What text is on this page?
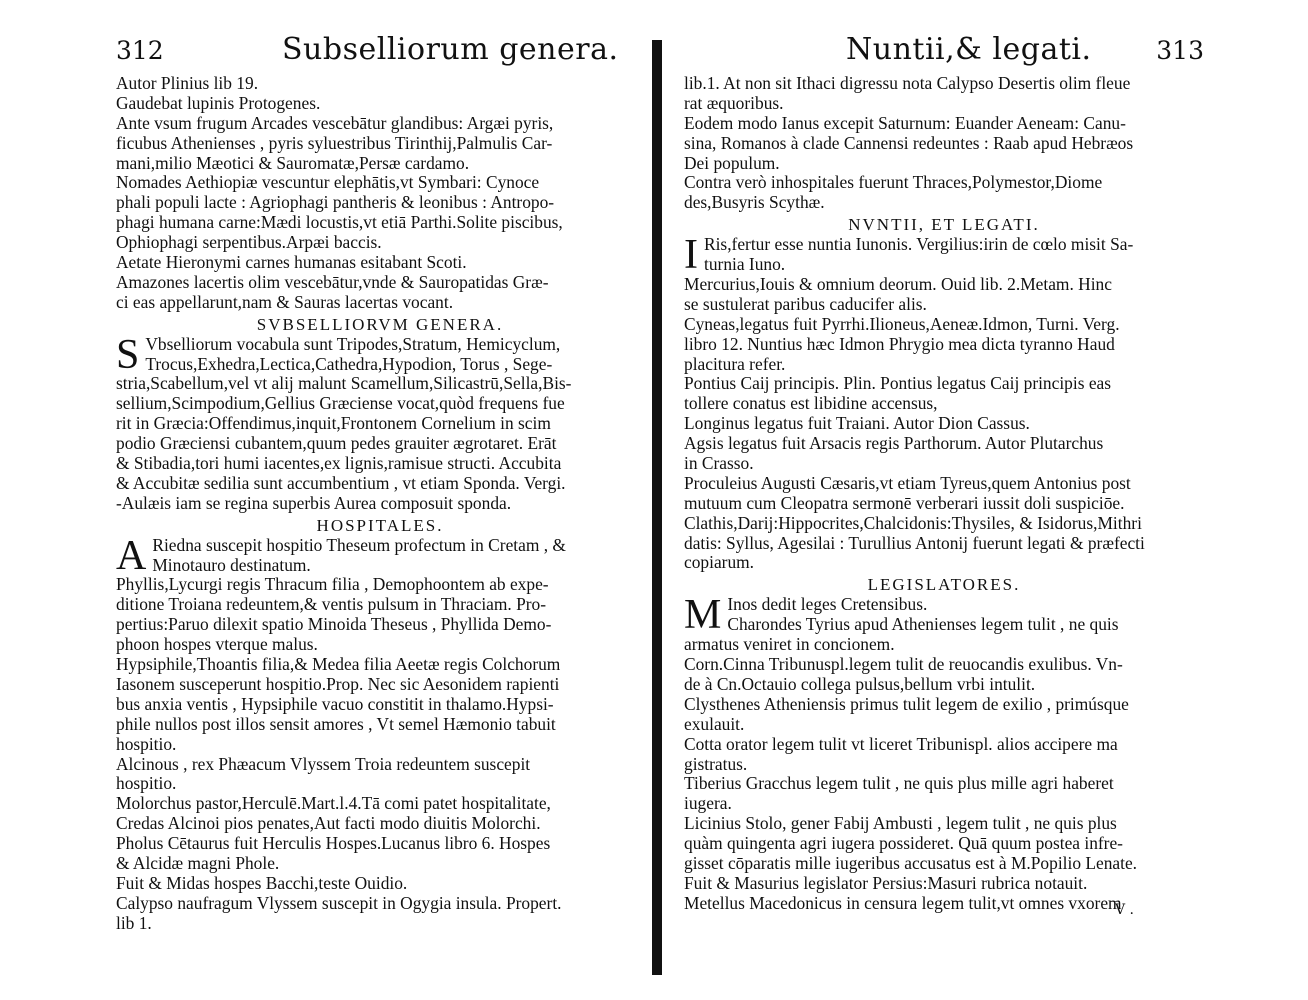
312	Subselliorum genera.
Autor Plinius lib 19.
Gaudebat lupinis Protogenes.
Ante vsum frugum Arcades vescebātur glandibus: Argæi pyris,
ficubus Athenienses , pyris syluestribus Tirinthij,Palmulis Car-
mani,milio Mæotici & Sauromatæ,Persæ cardamo.
Nomades Aethiopiæ vescuntur elephātis,vt Symbari: Cynoce
phali populi lacte : Agriophagi pantheris & leonibus : Antropo-
phagi humana carne:Mædi locustis,vt etiā Parthi.Solite piscibus,
Ophiophagi serpentibus.Arpæi baccis.
Aetate Hieronymi carnes humanas esitabant Scoti.
Amazones lacertis olim vescebātur,vnde & Sauropatidas Græ-
ci eas appellarunt,nam & Sauras lacertas vocant.
SVBSELLIORVM GENERA.
S Vbselliorum vocabula sunt Tripodes,Stratum, Hemicyclum,
Trocus,Exhedra,Lectica,Cathedra,Hypodion, Torus , Sege-
stria,Scabellum,vel vt alij malunt Scamellum,Silicastrū,Sella,Bis-
sellium,Scimpodium,Gellius Græciense vocat,quòd frequens fue
rit in Græcia:Offendimus,inquit,Frontonem Cornelium in scim
podio Græciensi cubantem,quum pedes grauiter ægrotaret. Erāt
& Stibadia,tori humi iacentes,ex lignis,ramisue structi. Accubita
& Accubitæ sedilia sunt accumbentium , vt etiam Sponda. Vergi.
-Aulæis iam se regina superbis Aurea composuit sponda.
HOSPITALES.
A Riedna suscepit hospitio Theseum profectum in Cretam , &
Minotauro destinatum.
Phyllis,Lycurgi regis Thracum filia , Demophoontem ab expe-
ditione Troiana redeuntem,& ventis pulsum in Thraciam. Pro-
pertius:Paruo dilexit spatio Minoida Theseus , Phyllida Demo-
phoon hospes vterque malus.
Hypsiphile,Thoantis filia,& Medea filia Aeetæ regis Colchorum
Iasonem susceperunt hospitio.Prop. Nec sic Aesonidem rapienti
bus anxia ventis , Hypsiphile vacuo constitit in thalamo.Hypsi-
phile nullos post illos sensit amores , Vt semel Hæmonio tabuit
hospitio.
Alcinous , rex Phæacum Vlyssem Troia redeuntem suscepit
hospitio.
Molorchus pastor,Herculē.Mart.l.4.Tā comi patet hospitalitate,
Credas Alcinoi pios penates,Aut facti modo diuitis Molorchi.
Pholus Cētaurus fuit Herculis Hospes.Lucanus libro 6. Hospes
& Alcidæ magni Phole.
Fuit & Midas hospes Bacchi,teste Ouidio.
Calypso naufragum Vlyssem suscepit in Ogygia insula. Propert.
lib 1.
Nuntii,& legati.	313
lib.1. At non sit Ithaci digressu nota Calypso Desertis olim fleue
rat æquoribus.
Eodem modo Ianus excepit Saturnum: Euander Aeneam: Canu-
sina, Romanos à clade Cannensi redeuntes : Raab apud Hebræos
Dei populum.
Contra verò inhospitales fuerunt Thraces,Polymestor,Diome
des,Busyris Scythæ.
NVNTII, ET LEGATI.
I Ris,fertur esse nuntia Iunonis. Vergilius:irin de cœlo misit Sa-
turnia Iuno.
Mercurius,Iouis & omnium deorum. Ouid lib. 2.Metam. Hinc
se sustulerat paribus caducifer alis.
Cyneas,legatus fuit Pyrrhi.Ilioneus,Aeneæ.Idmon, Turni. Verg.
libro 12. Nuntius hæc Idmon Phrygio mea dicta tyranno Haud
placitura refer.
Pontius Caij principis. Plin. Pontius legatus Caij principis eas
tollere conatus est libidine accensus,
Longinus legatus fuit Traiani. Autor Dion Cassus.
Agsis legatus fuit Arsacis regis Parthorum. Autor Plutarchus
in Crasso.
Proculeius Augusti Cæsaris,vt etiam Tyreus,quem Antonius post
mutuum cum Cleopatra sermonē verberari iussit doli suspiciōe.
Clathis,Darij:Hippocrites,Chalcidonis:Thysiles, & Isidorus,Mithri
datis: Syllus, Agesilai : Turullius Antonij fuerunt legati & præfecti
copiarum.
LEGISLATORES.
M Inos dedit leges Cretensibus.
Charondes Tyrius apud Athenienses legem tulit , ne quis
armatus veniret in concionem.
Corn.Cinna Tribunuspl.legem tulit de reuocandis exulibus. Vn-
de à Cn.Octauio collega pulsus,bellum vrbi intulit.
Clysthenes Atheniensis primus tulit legem de exilio , primúsque
exulauit.
Cotta orator legem tulit vt liceret Tribunispl. alios accipere ma
gistratus.
Tiberius Gracchus legem tulit , ne quis plus mille agri haberet
iugera.
Licinius Stolo, gener Fabij Ambusti , legem tulit , ne quis plus
quàm quingenta agri iugera possideret. Quā quum postea infre-
gisset cōparatis mille iugeribus accusatus est à M.Popilio Lenate.
Fuit & Masurius legislator Persius:Masuri rubrica notauit.
Metellus Macedonicus in censura legem tulit,vt omnes vxorem
V .
